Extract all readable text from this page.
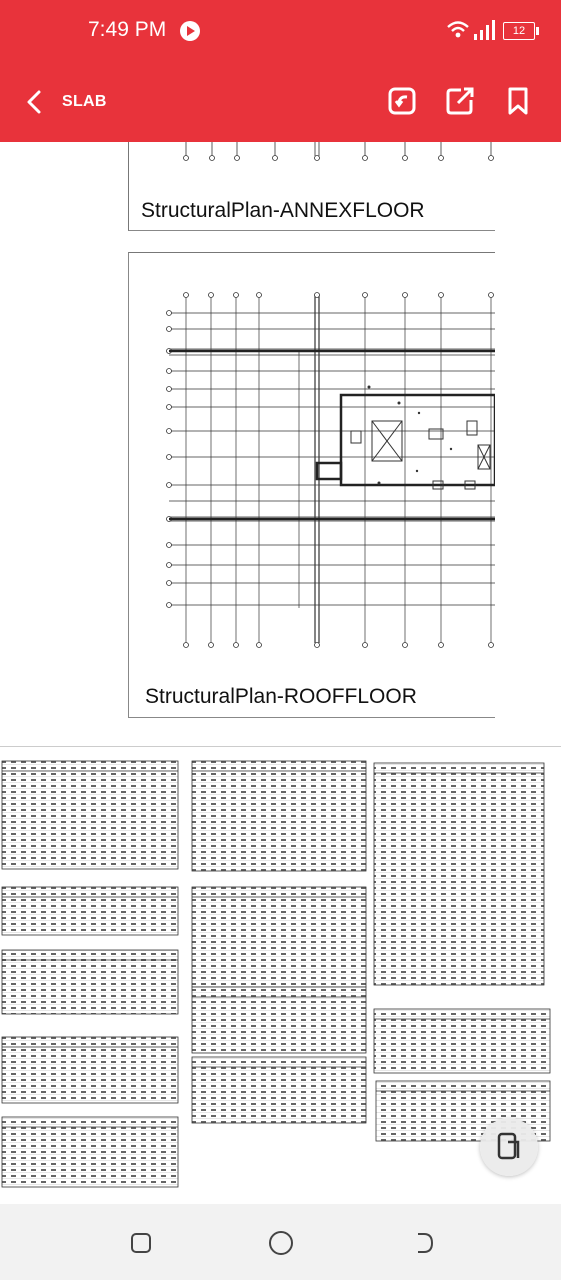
7:49 PM	12
SLAB
StructuralPlan-ANNEXFLOOR
StructuralPlan-ROOFFLOOR
